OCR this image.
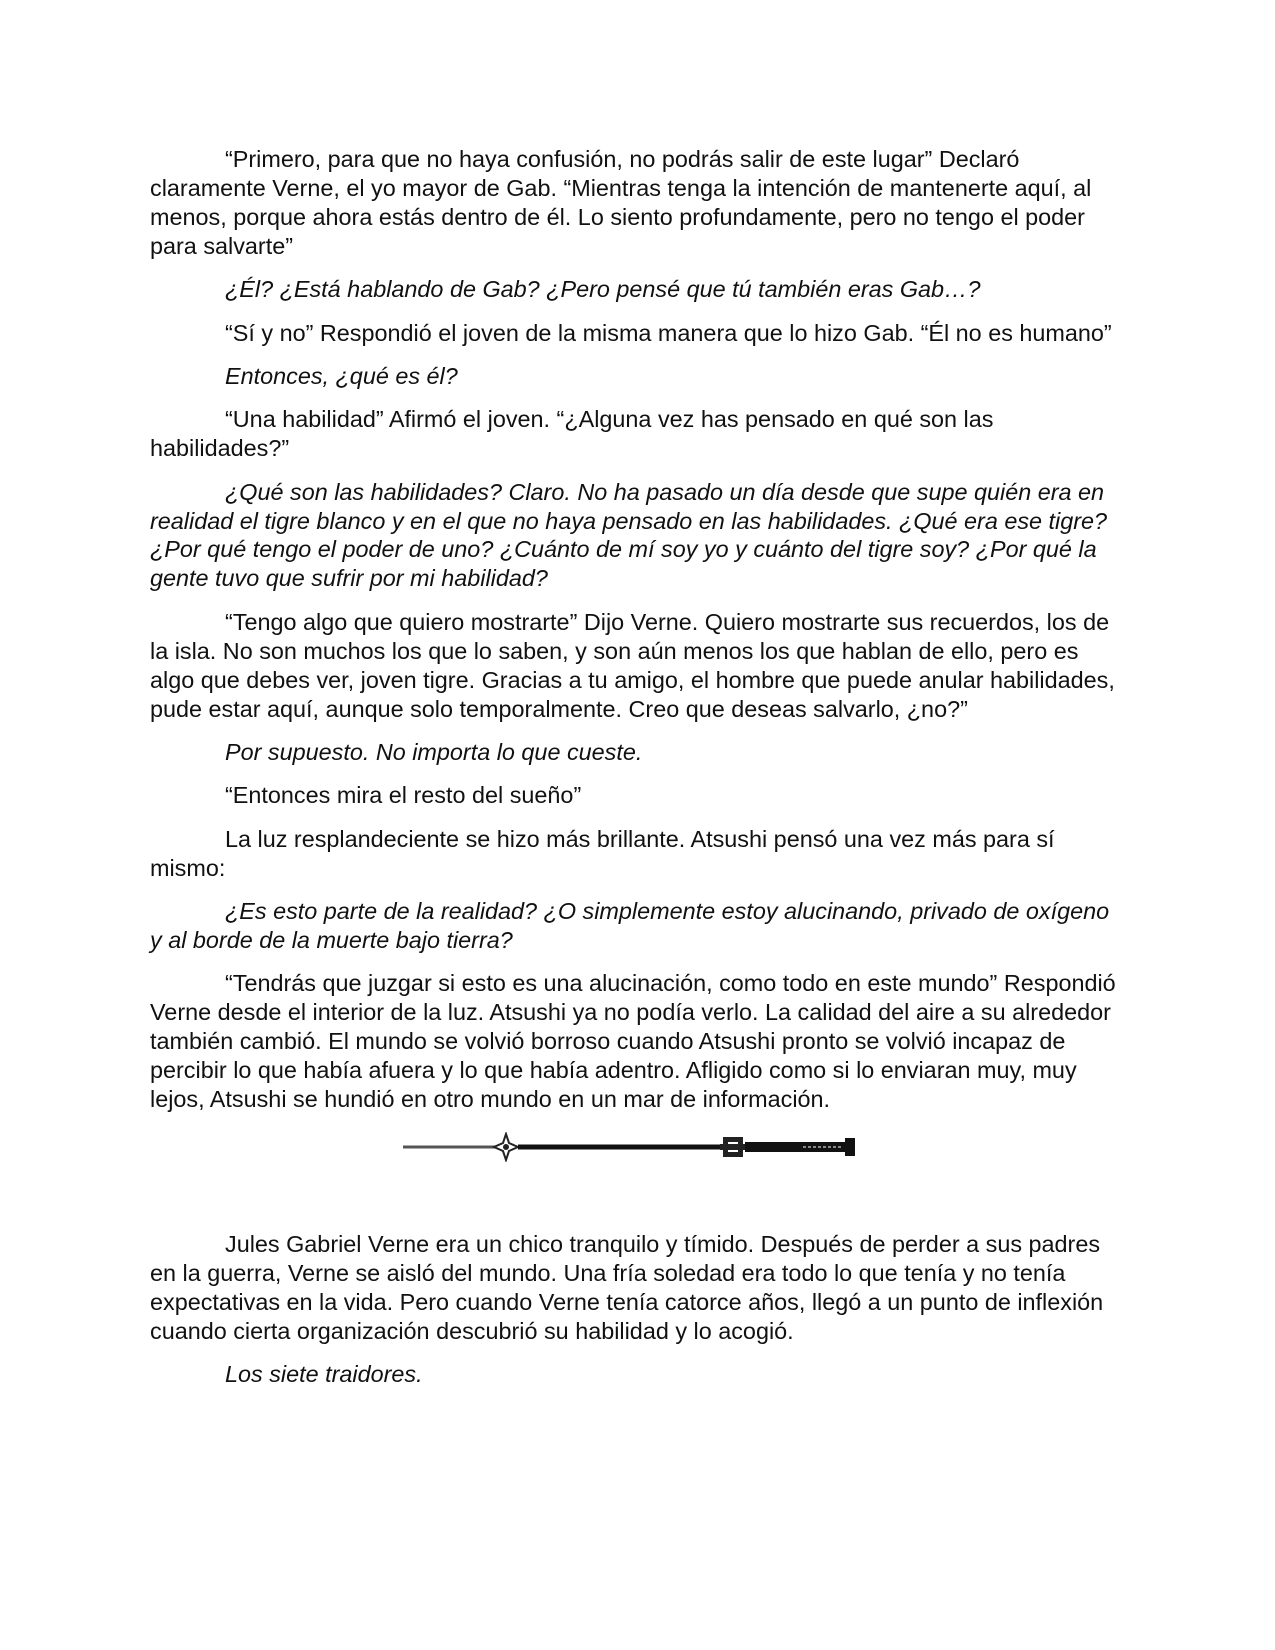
“Primero, para que no haya confusión, no podrás salir de este lugar” Declaró claramente Verne, el yo mayor de Gab. “Mientras tenga la intención de mantenerte aquí, al menos, porque ahora estás dentro de él. Lo siento profundamente, pero no tengo el poder para salvarte”

¿Él? ¿Está hablando de Gab? ¿Pero pensé que tú también eras Gab…?

“Sí y no” Respondió el joven de la misma manera que lo hizo Gab. “Él no es humano”

Entonces, ¿qué es él?

“Una habilidad” Afirmó el joven. “¿Alguna vez has pensado en qué son las habilidades?”

¿Qué son las habilidades? Claro. No ha pasado un día desde que supe quién era en realidad el tigre blanco y en el que no haya pensado en las habilidades. ¿Qué era ese tigre? ¿Por qué tengo el poder de uno? ¿Cuánto de mí soy yo y cuánto del tigre soy? ¿Por qué la gente tuvo que sufrir por mi habilidad?

“Tengo algo que quiero mostrarte” Dijo Verne. Quiero mostrarte sus recuerdos, los de la isla. No son muchos los que lo saben, y son aún menos los que hablan de ello, pero es algo que debes ver, joven tigre. Gracias a tu amigo, el hombre que puede anular habilidades, pude estar aquí, aunque solo temporalmente. Creo que deseas salvarlo, ¿no?”

Por supuesto. No importa lo que cueste.

“Entonces mira el resto del sueño”

La luz resplandeciente se hizo más brillante. Atsushi pensó una vez más para sí mismo:

¿Es esto parte de la realidad? ¿O simplemente estoy alucinando, privado de oxígeno y al borde de la muerte bajo tierra?

“Tendrás que juzgar si esto es una alucinación, como todo en este mundo” Respondió Verne desde el interior de la luz. Atsushi ya no podía verlo. La calidad del aire a su alrededor también cambió. El mundo se volvió borroso cuando Atsushi pronto se volvió incapaz de percibir lo que había afuera y lo que había adentro. Afligido como si lo enviaran muy, muy lejos, Atsushi se hundió en otro mundo en un mar de información.

Jules Gabriel Verne era un chico tranquilo y tímido. Después de perder a sus padres en la guerra, Verne se aisló del mundo. Una fría soledad era todo lo que tenía y no tenía expectativas en la vida. Pero cuando Verne tenía catorce años, llegó a un punto de inflexión cuando cierta organización descubrió su habilidad y lo acogió.

Los siete traidores.
